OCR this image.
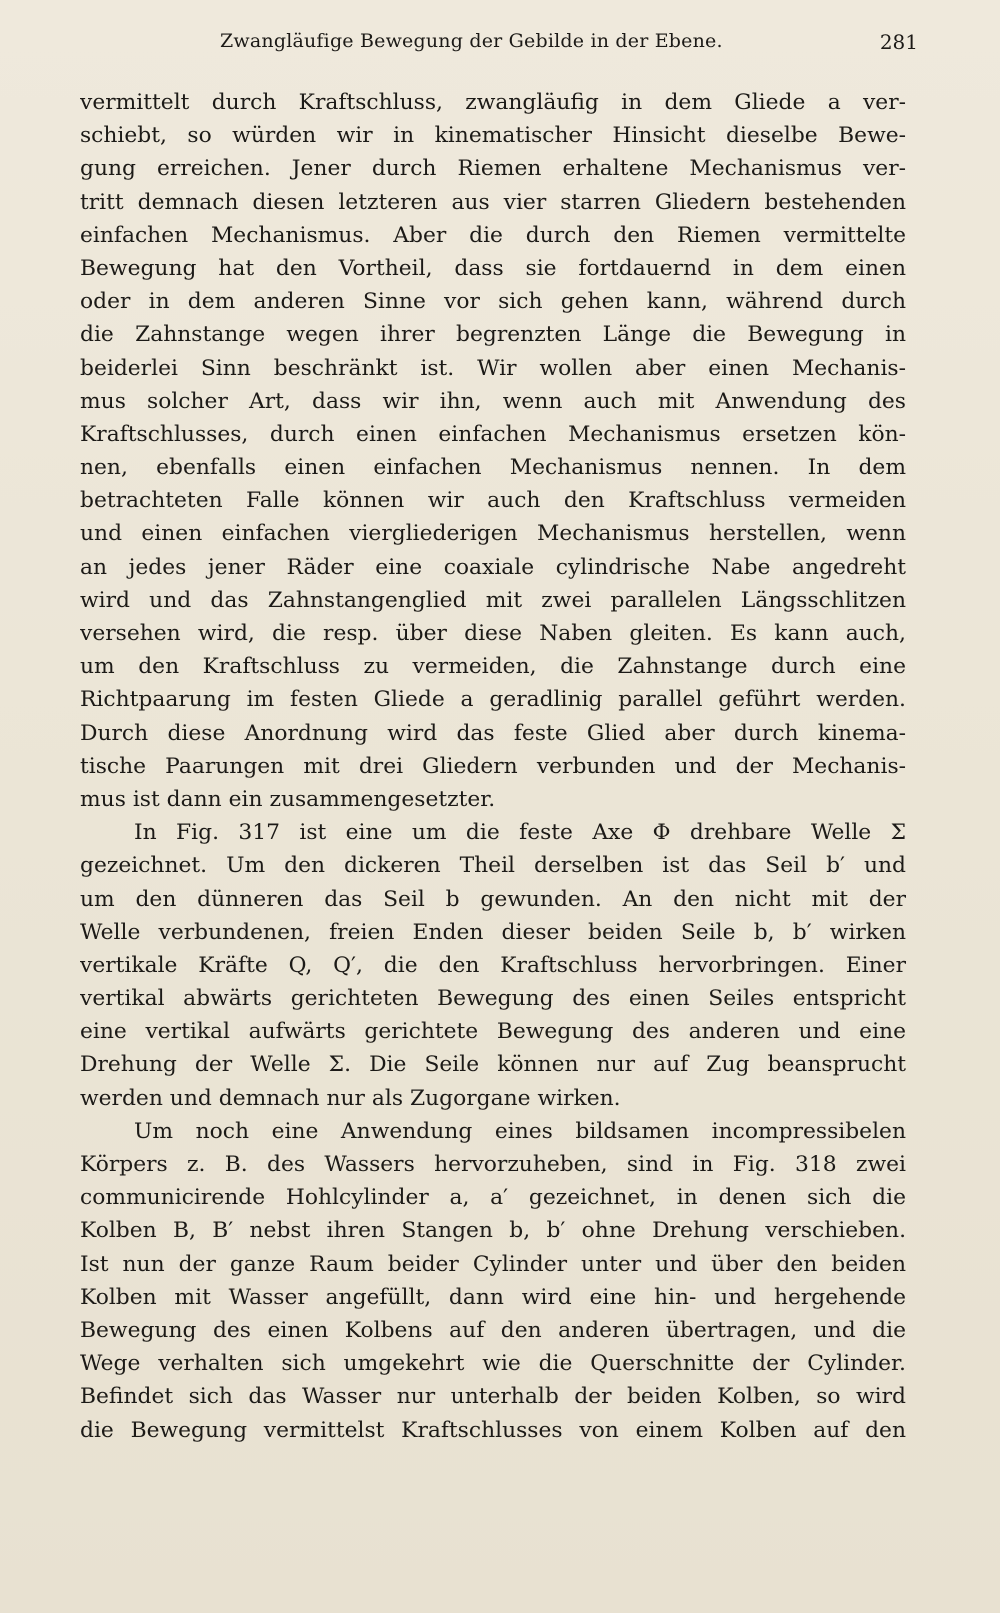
Zwangläufige Bewegung der Gebilde in der Ebene.	281
vermittelt durch Kraftschluss, zwangläufig in dem Gliede a ver-
schiebt, so würden wir in kinematischer Hinsicht dieselbe Bewe-
gung erreichen. Jener durch Riemen erhaltene Mechanismus ver-
tritt demnach diesen letzteren aus vier starren Gliedern bestehenden
einfachen Mechanismus. Aber die durch den Riemen vermittelte
Bewegung hat den Vortheil, dass sie fortdauernd in dem einen
oder in dem anderen Sinne vor sich gehen kann, während durch
die Zahnstange wegen ihrer begrenzten Länge die Bewegung in
beiderlei Sinn beschränkt ist. Wir wollen aber einen Mechanis-
mus solcher Art, dass wir ihn, wenn auch mit Anwendung des
Kraftschlusses, durch einen einfachen Mechanismus ersetzen kön-
nen, ebenfalls einen einfachen Mechanismus nennen. In dem
betrachteten Falle können wir auch den Kraftschluss vermeiden
und einen einfachen viergliederigen Mechanismus herstellen, wenn
an jedes jener Räder eine coaxiale cylindrische Nabe angedreht
wird und das Zahnstangenglied mit zwei parallelen Längsschlitzen
versehen wird, die resp. über diese Naben gleiten. Es kann auch,
um den Kraftschluss zu vermeiden, die Zahnstange durch eine
Richtpaarung im festen Gliede a geradlinig parallel geführt werden.
Durch diese Anordnung wird das feste Glied aber durch kinema-
tische Paarungen mit drei Gliedern verbunden und der Mechanis-
mus ist dann ein zusammengesetzter.
In Fig. 317 ist eine um die feste Axe Φ drehbare Welle Σ
gezeichnet. Um den dickeren Theil derselben ist das Seil b′ und
um den dünneren das Seil b gewunden. An den nicht mit der
Welle verbundenen, freien Enden dieser beiden Seile b, b′ wirken
vertikale Kräfte Q, Q′, die den Kraftschluss hervorbringen. Einer
vertikal abwärts gerichteten Bewegung des einen Seiles entspricht
eine vertikal aufwärts gerichtete Bewegung des anderen und eine
Drehung der Welle Σ. Die Seile können nur auf Zug beansprucht
werden und demnach nur als Zugorgane wirken.
Um noch eine Anwendung eines bildsamen incompressibelen
Körpers z. B. des Wassers hervorzuheben, sind in Fig. 318 zwei
communicirende Hohlcylinder a, a′ gezeichnet, in denen sich die
Kolben B, B′ nebst ihren Stangen b, b′ ohne Drehung verschieben.
Ist nun der ganze Raum beider Cylinder unter und über den beiden
Kolben mit Wasser angefüllt, dann wird eine hin- und hergehende
Bewegung des einen Kolbens auf den anderen übertragen, und die
Wege verhalten sich umgekehrt wie die Querschnitte der Cylinder.
Befindet sich das Wasser nur unterhalb der beiden Kolben, so wird
die Bewegung vermittelst Kraftschlusses von einem Kolben auf den
